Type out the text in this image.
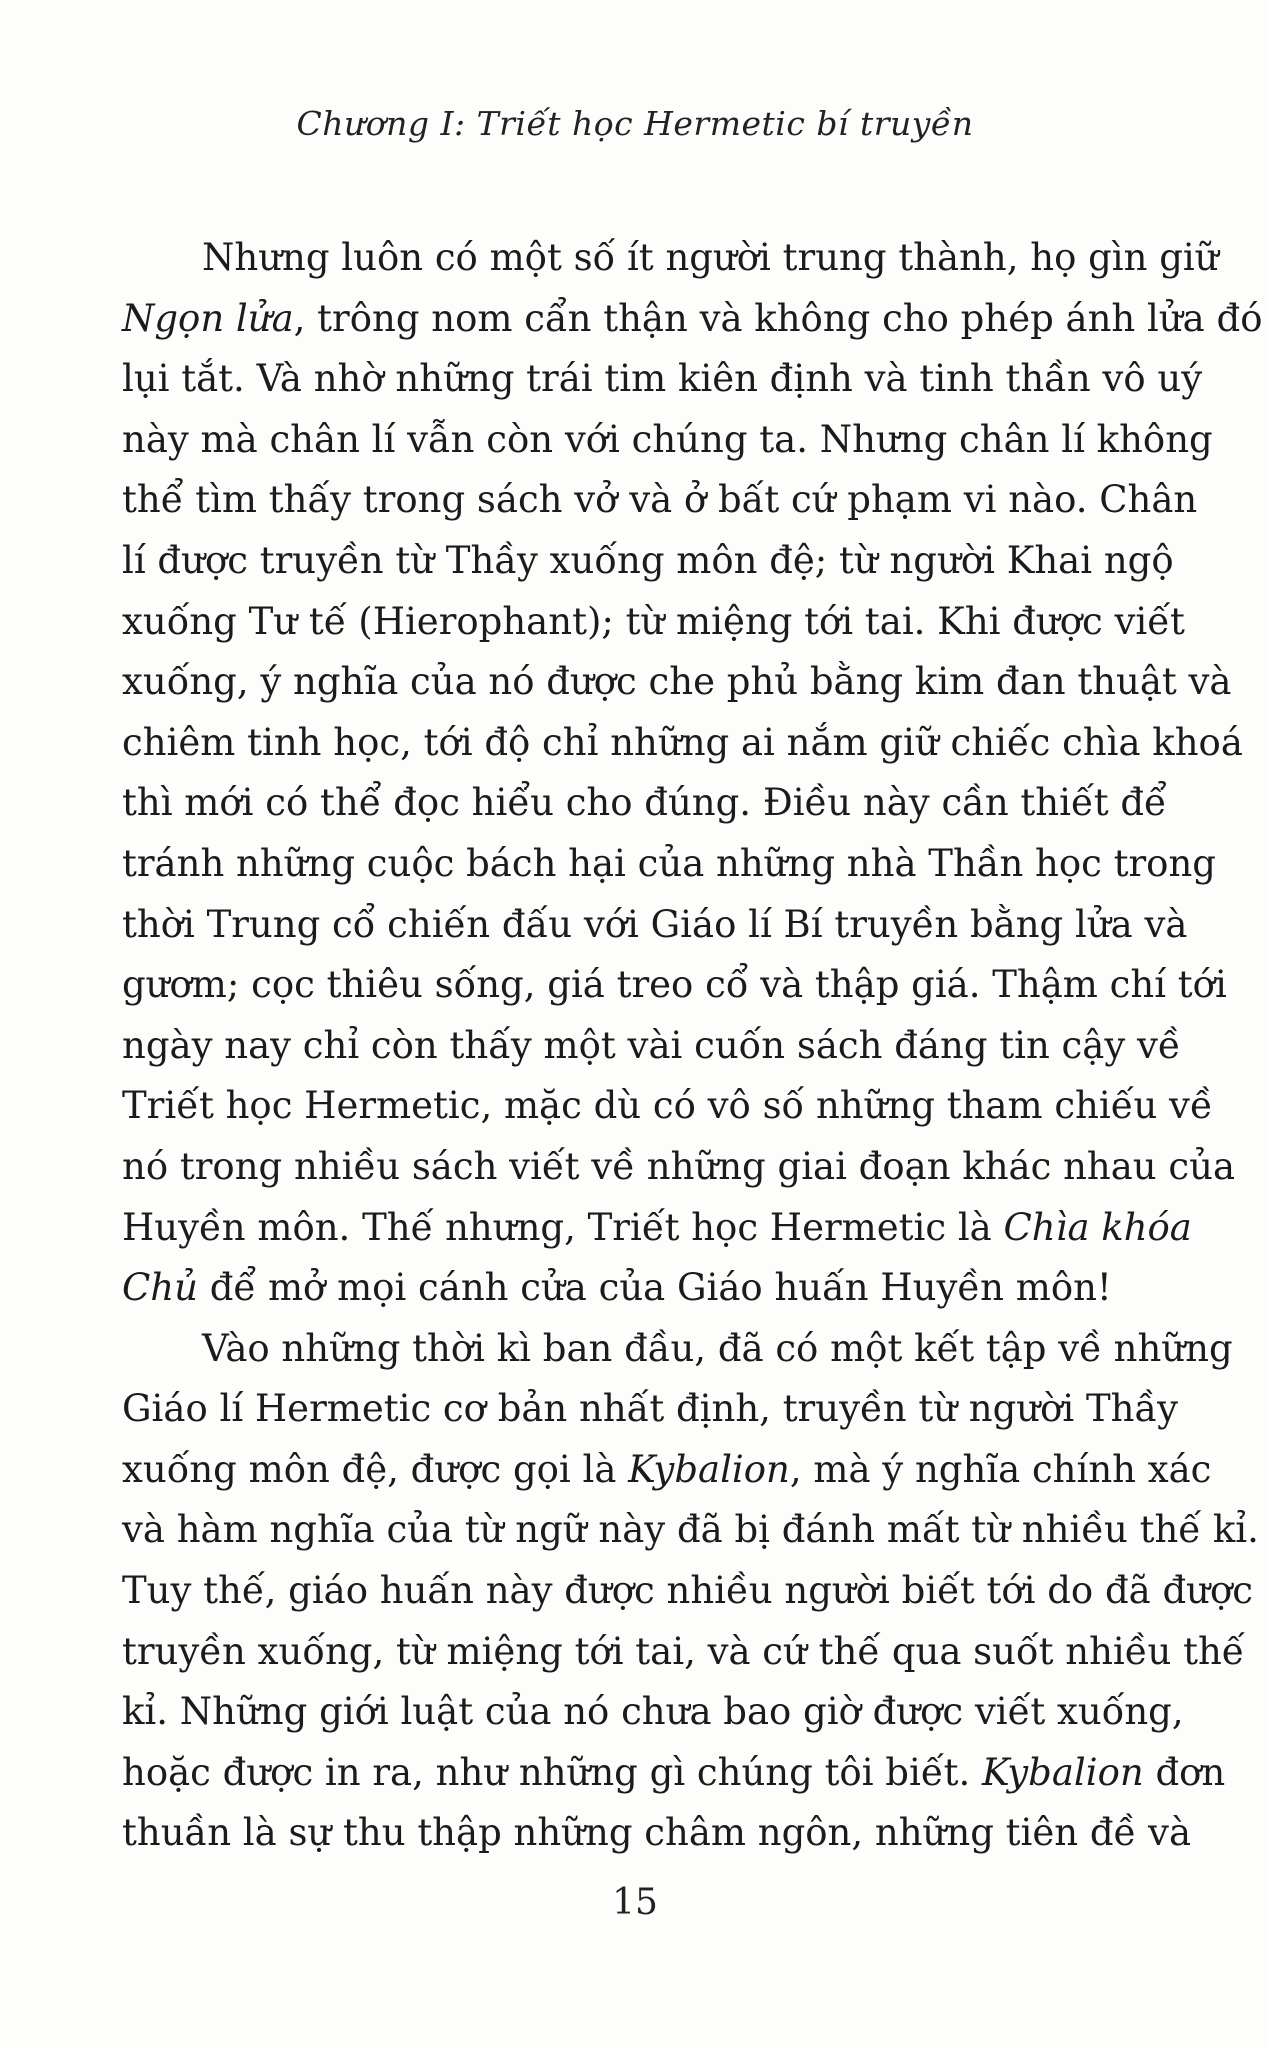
Chương I: Triết học Hermetic bí truyền
Nhưng luôn có một số ít người trung thành, họ gìn giữ
Ngọn lửa, trông nom cẩn thận và không cho phép ánh lửa đó
lụi tắt. Và nhờ những trái tim kiên định và tinh thần vô uý
này mà chân lí vẫn còn với chúng ta. Nhưng chân lí không
thể tìm thấy trong sách vở và ở bất cứ phạm vi nào. Chân
lí được truyền từ Thầy xuống môn đệ; từ người Khai ngộ
xuống Tư tế (Hierophant); từ miệng tới tai. Khi được viết
xuống, ý nghĩa của nó được che phủ bằng kim đan thuật và
chiêm tinh học, tới độ chỉ những ai nắm giữ chiếc chìa khoá
thì mới có thể đọc hiểu cho đúng. Điều này cần thiết để
tránh những cuộc bách hại của những nhà Thần học trong
thời Trung cổ chiến đấu với Giáo lí Bí truyền bằng lửa và
gươm; cọc thiêu sống, giá treo cổ và thập giá. Thậm chí tới
ngày nay chỉ còn thấy một vài cuốn sách đáng tin cậy về
Triết học Hermetic, mặc dù có vô số những tham chiếu về
nó trong nhiều sách viết về những giai đoạn khác nhau của
Huyền môn. Thế nhưng, Triết học Hermetic là Chìa khóa
Chủ để mở mọi cánh cửa của Giáo huấn Huyền môn!
Vào những thời kì ban đầu, đã có một kết tập về những
Giáo lí Hermetic cơ bản nhất định, truyền từ người Thầy
xuống môn đệ, được gọi là Kybalion, mà ý nghĩa chính xác
và hàm nghĩa của từ ngữ này đã bị đánh mất từ nhiều thế kỉ.
Tuy thế, giáo huấn này được nhiều người biết tới do đã được
truyền xuống, từ miệng tới tai, và cứ thế qua suốt nhiều thế
kỉ. Những giới luật của nó chưa bao giờ được viết xuống,
hoặc được in ra, như những gì chúng tôi biết. Kybalion đơn
thuần là sự thu thập những châm ngôn, những tiên đề và
15
